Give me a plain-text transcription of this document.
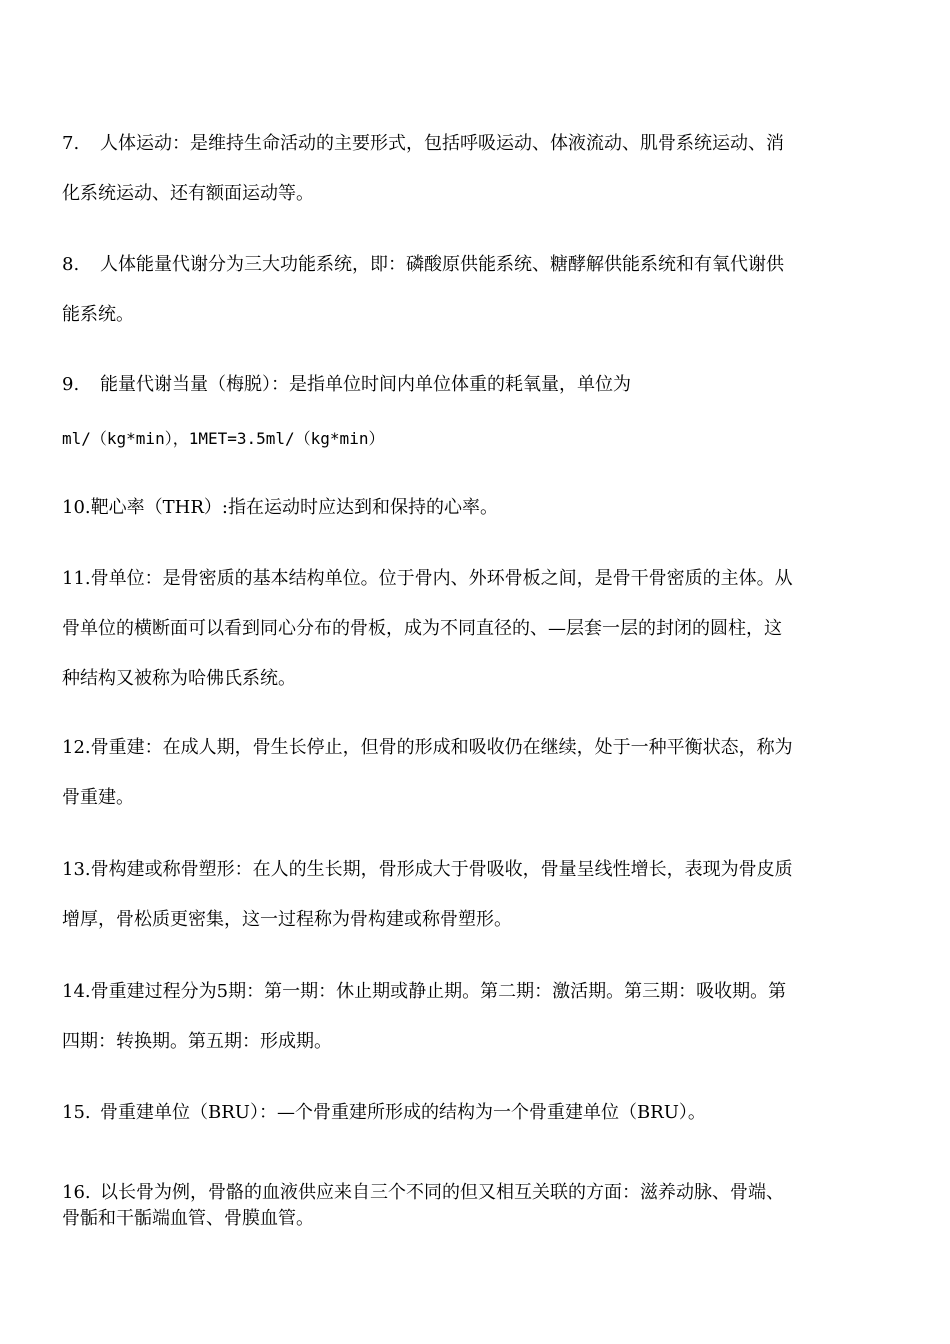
7. 人体运动：是维持生命活动的主要形式，包括呼吸运动、体液流动、肌骨系统运动、消
化系统运动、还有额面运动等。
8. 人体能量代谢分为三大功能系统，即：磷酸原供能系统、糖酵解供能系统和有氧代谢供
能系统。
9. 能量代谢当量（梅脱）：是指单位时间内单位体重的耗氧量，单位为
ml/（kg*min），1MET=3.5ml/（kg*min）
10.靶心率（THR）:指在运动时应达到和保持的心率。
11.骨单位：是骨密质的基本结构单位。位于骨内、外环骨板之间，是骨干骨密质的主体。从
骨单位的横断面可以看到同心分布的骨板，成为不同直径的、—层套一层的封闭的圆柱，这
种结构又被称为哈佛氏系统。
12.骨重建：在成人期，骨生长停止，但骨的形成和吸收仍在继续，处于一种平衡状态，称为
骨重建。
13.骨构建或称骨塑形：在人的生长期，骨形成大于骨吸收，骨量呈线性增长，表现为骨皮质
增厚，骨松质更密集，这一过程称为骨构建或称骨塑形。
14.骨重建过程分为5期：第一期：休止期或静止期。第二期：激活期。第三期：吸收期。第
四期：转换期。第五期：形成期。
15. 骨重建单位（BRU）：—个骨重建所形成的结构为一个骨重建单位（BRU）。
16. 以长骨为例，骨骼的血液供应来自三个不同的但又相互关联的方面：滋养动脉、骨端、
骨骺和干骺端血管、骨膜血管。
